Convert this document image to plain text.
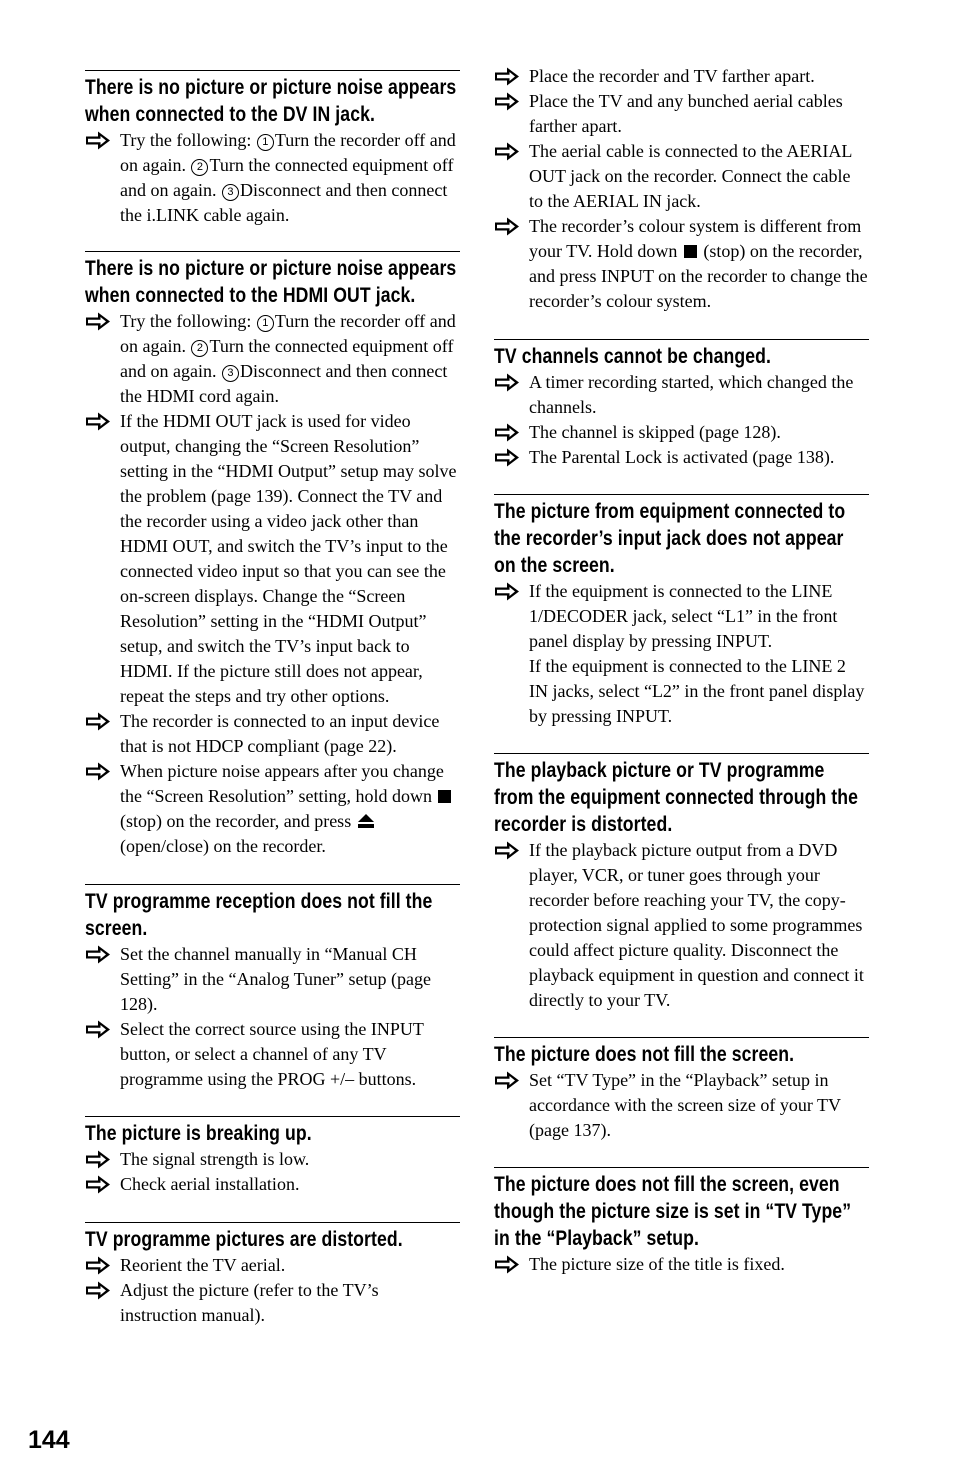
There is no picture or picture noise appears when connected to the DV IN jack.
Try the following: 1 Turn the recorder off and on again. 2 Turn the connected equipment off and on again. 3 Disconnect and then connect the i.LINK cable again.
There is no picture or picture noise appears when connected to the HDMI OUT jack.
Try the following: 1 Turn the recorder off and on again. 2 Turn the connected equipment off and on again. 3 Disconnect and then connect the HDMI cord again.
If the HDMI OUT jack is used for video output, changing the “Screen Resolution” setting in the “HDMI Output” setup may solve the problem (page 139). Connect the TV and the recorder using a video jack other than HDMI OUT, and switch the TV’s input to the connected video input so that you can see the on-screen displays. Change the “Screen Resolution” setting in the “HDMI Output” setup, and switch the TV’s input back to HDMI. If the picture still does not appear, repeat the steps and try other options.
The recorder is connected to an input device that is not HDCP compliant (page 22).
When picture noise appears after you change the “Screen Resolution” setting, hold down  (stop) on the recorder, and press  (open/close) on the recorder.
TV programme reception does not fill the screen.
Set the channel manually in “Manual CH Setting” in the “Analog Tuner” setup (page 128).
Select the correct source using the INPUT button, or select a channel of any TV programme using the PROG +/– buttons.
The picture is breaking up.
The signal strength is low.
Check aerial installation.
TV programme pictures are distorted.
Reorient the TV aerial.
Adjust the picture (refer to the TV’s instruction manual).
Place the recorder and TV farther apart.
Place the TV and any bunched aerial cables farther apart.
The aerial cable is connected to the AERIAL OUT jack on the recorder. Connect the cable to the AERIAL IN jack.
The recorder’s colour system is different from your TV. Hold down  (stop) on the recorder, and press INPUT on the recorder to change the recorder’s colour system.
TV channels cannot be changed.
A timer recording started, which changed the channels.
The channel is skipped (page 128).
The Parental Lock is activated (page 138).
The picture from equipment connected to the recorder’s input jack does not appear on the screen.
If the equipment is connected to the LINE 1/DECODER jack, select “L1” in the front panel display by pressing INPUT.
If the equipment is connected to the LINE 2 IN jacks, select “L2” in the front panel display by pressing INPUT.
The playback picture or TV programme from the equipment connected through the recorder is distorted.
If the playback picture output from a DVD player, VCR, or tuner goes through your recorder before reaching your TV, the copy-protection signal applied to some programmes could affect picture quality. Disconnect the playback equipment in question and connect it directly to your TV.
The picture does not fill the screen.
Set “TV Type” in the “Playback” setup in accordance with the screen size of your TV (page 137).
The picture does not fill the screen, even though the picture size is set in “TV Type” in the “Playback” setup.
The picture size of the title is fixed.
144
